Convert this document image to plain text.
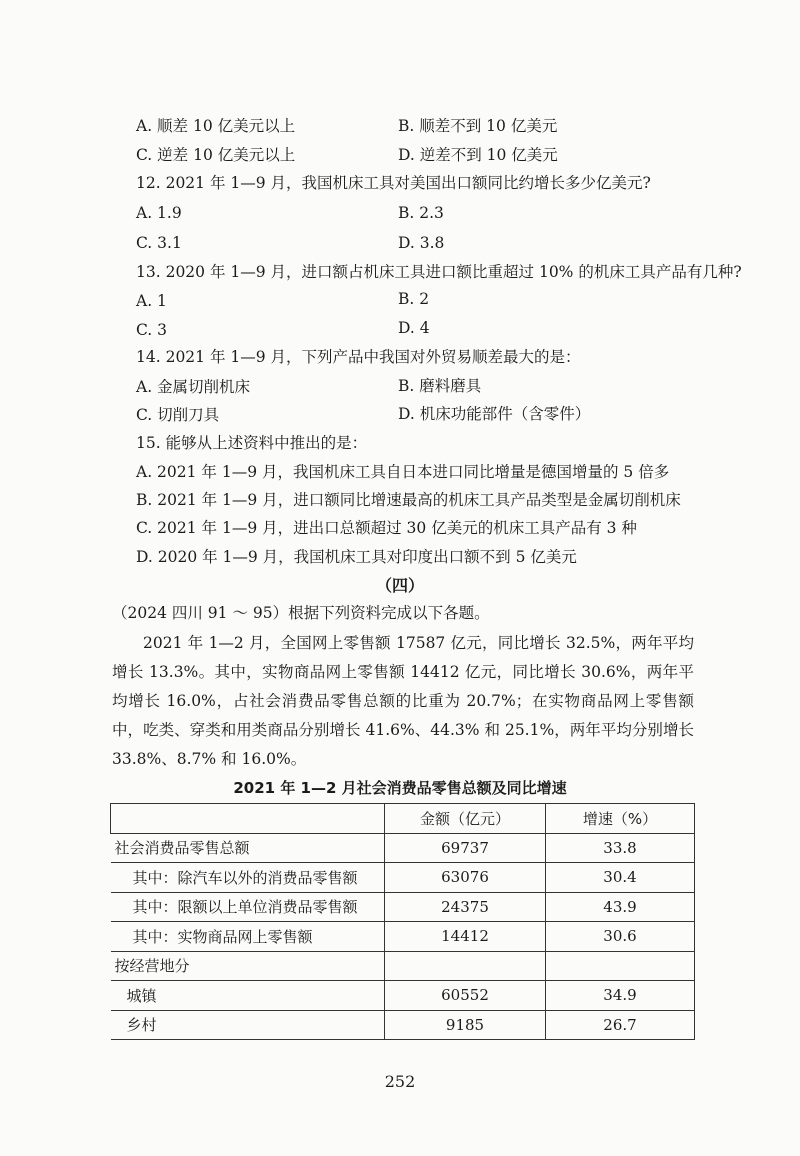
A. 顺差 10 亿美元以上	B. 顺差不到 10 亿美元
C. 逆差 10 亿美元以上	D. 逆差不到 10 亿美元
12. 2021 年 1—9 月，我国机床工具对美国出口额同比约增长多少亿美元?
A. 1.9	B. 2.3
C. 3.1	D. 3.8
13. 2020 年 1—9 月，进口额占机床工具进口额比重超过 10% 的机床工具产品有几种?
A. 1	B. 2
C. 3	D. 4
14. 2021 年 1—9 月，下列产品中我国对外贸易顺差最大的是：
A. 金属切削机床	B. 磨料磨具
C. 切削刀具	D. 机床功能部件（含零件）
15. 能够从上述资料中推出的是：
A. 2021 年 1—9 月，我国机床工具自日本进口同比增量是德国增量的 5 倍多
B. 2021 年 1—9 月，进口额同比增速最高的机床工具产品类型是金属切削机床
C. 2021 年 1—9 月，进出口总额超过 30 亿美元的机床工具产品有 3 种
D. 2020 年 1—9 月，我国机床工具对印度出口额不到 5 亿美元
（四）
（2024 四川 91 ～ 95）根据下列资料完成以下各题。

2021 年 1—2 月，全国网上零售额 17587 亿元，同比增长 32.5%，两年平均增长 13.3%。其中，实物商品网上零售额 14412 亿元，同比增长 30.6%，两年平均增长 16.0%，占社会消费品零售总额的比重为 20.7%；在实物商品网上零售额中，吃类、穿类和用类商品分别增长 41.6%、44.3% 和 25.1%，两年平均分别增长 33.8%、8.7% 和 16.0%。

2021 年 1—2 月社会消费品零售总额及同比增速
	金额（亿元）	增速（%）
社会消费品零售总额	69737	33.8
其中：除汽车以外的消费品零售额	63076	30.4
其中：限额以上单位消费品零售额	24375	43.9
其中：实物商品网上零售额	14412	30.6
按经营地分		
城镇	60552	34.9
乡村	9185	26.7
252
